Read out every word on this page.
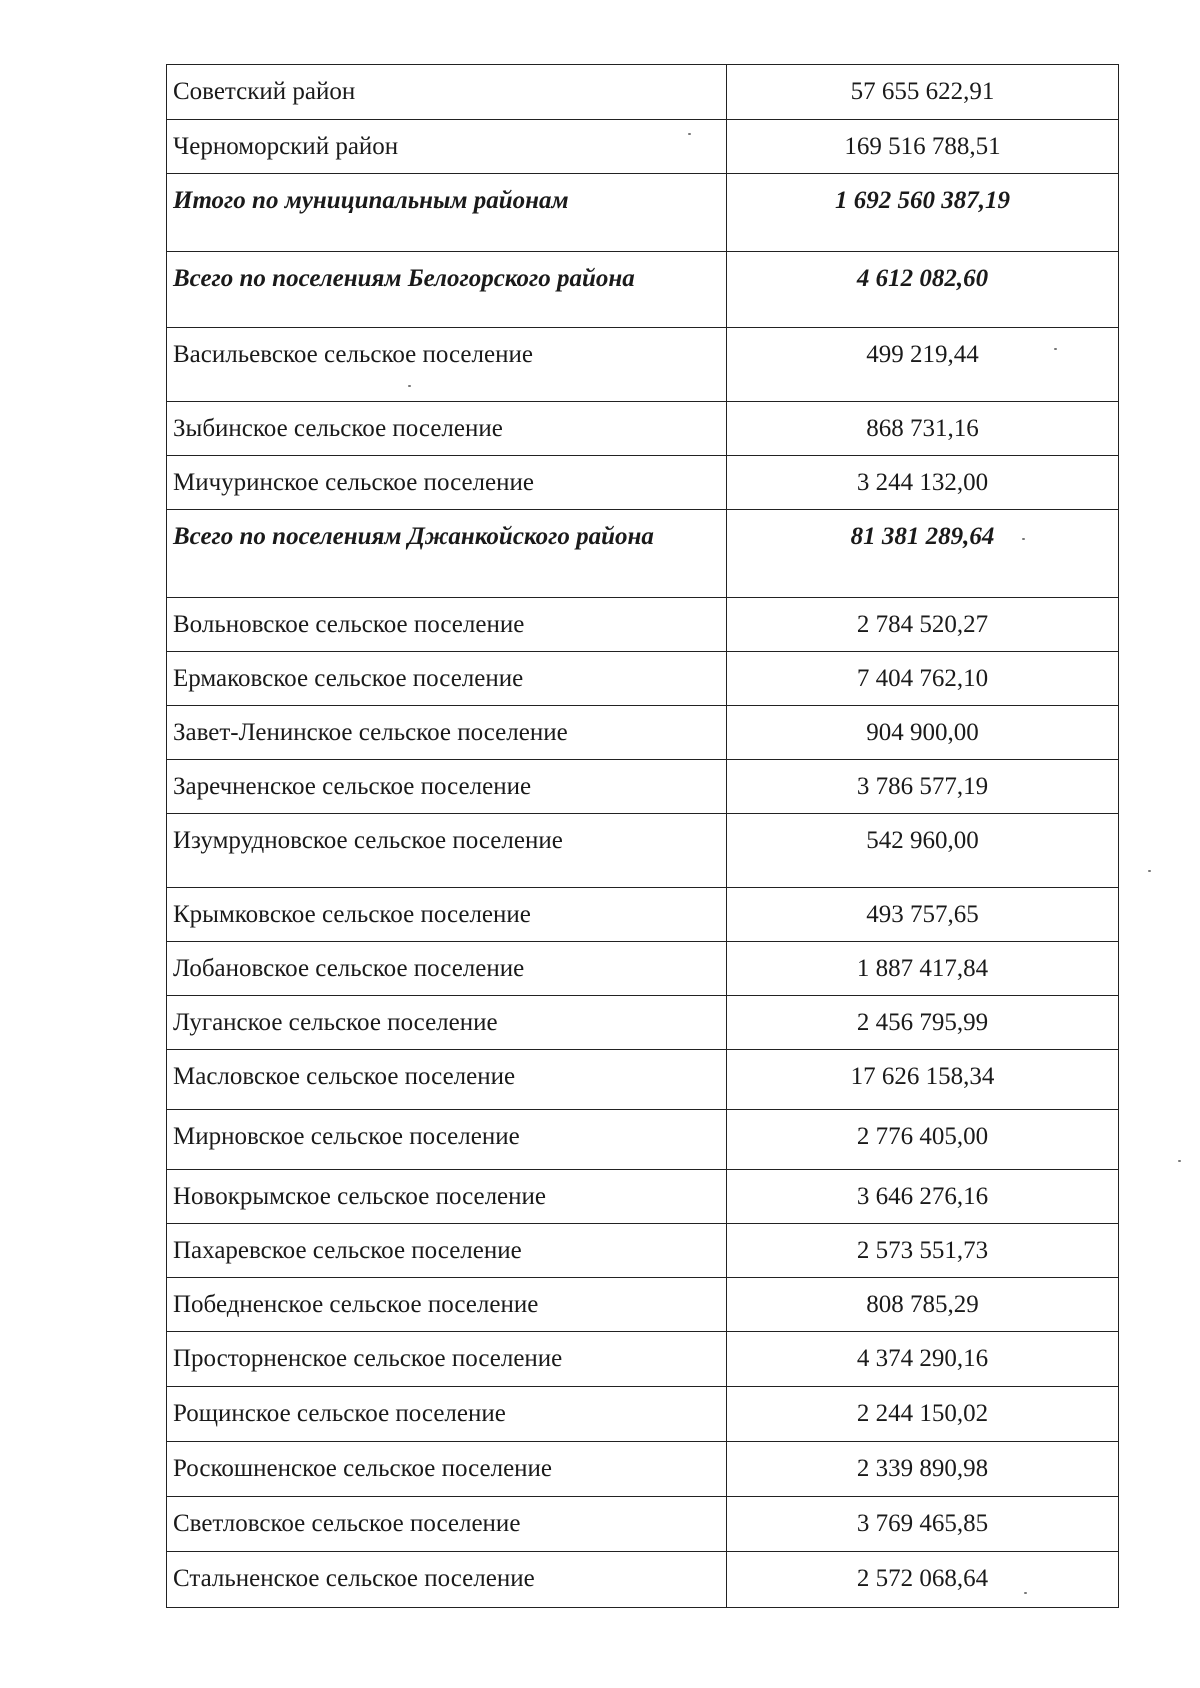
Советский район	57 655 622,91
Черноморский район	169 516 788,51
Итого по муниципальным районам	1 692 560 387,19
Всего по поселениям Белогорского района	4 612 082,60
Васильевское сельское поселение	499 219,44
Зыбинское сельское поселение	868 731,16
Мичуринское сельское поселение	3 244 132,00
Всего по поселениям Джанкойского района	81 381 289,64
Вольновское сельское поселение	2 784 520,27
Ермаковское сельское поселение	7 404 762,10
Завет-Ленинское сельское поселение	904 900,00
Заречненское сельское поселение	3 786 577,19
Изумрудновское сельское поселение	542 960,00
Крымковское сельское поселение	493 757,65
Лобановское сельское поселение	1 887 417,84
Луганское сельское поселение	2 456 795,99
Масловское сельское поселение	17 626 158,34
Мирновское сельское поселение	2 776 405,00
Новокрымское сельское поселение	3 646 276,16
Пахаревское сельское поселение	2 573 551,73
Победненское сельское поселение	808 785,29
Просторненское сельское поселение	4 374 290,16
Рощинское сельское поселение	2 244 150,02
Роскошненское сельское поселение	2 339 890,98
Светловское сельское поселение	3 769 465,85
Стальненское сельское поселение	2 572 068,64
